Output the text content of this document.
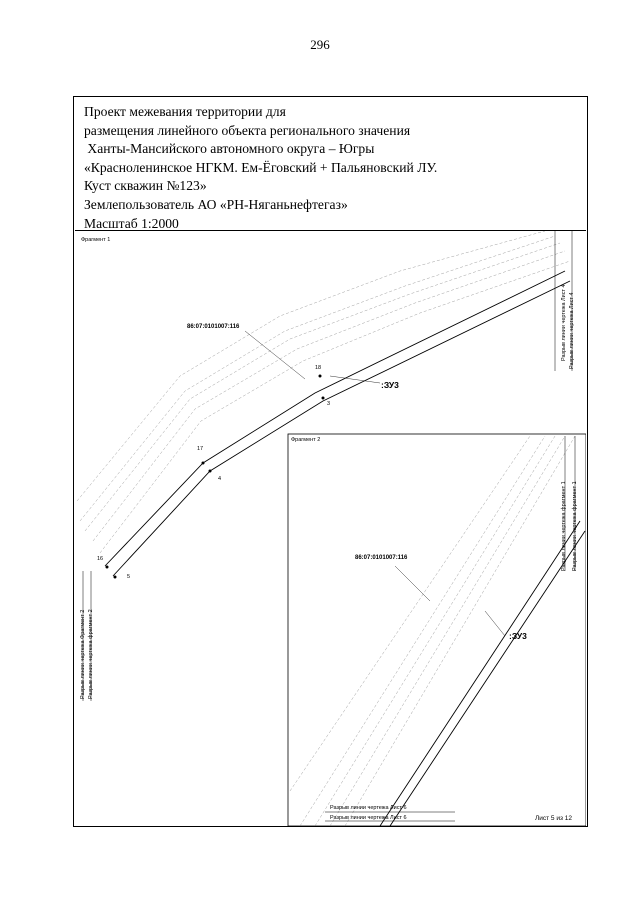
296
Проект межевания территории для
размещения линейного объекта регионального значения
Ханты-Мансийского автономного округа – Югры
«Красноленинское НГКМ. Ем-Ёговский + Пальяновский ЛУ.
Куст скважин №123»
Землепользователь АО «РН-Няганьнефтегаз»
Масштаб 1:2000
Фрагмент 1
86:07:0101007:116
:ЗУ3
18
3
17
4
16
5
Разрыв линии чертежа Лист 4 Разрыв линии чертежа Лист 4
Разрыв линии чертежа Фрагмент 2 Разрыв линии чертежа фрагмент 2
Фрагмент 2
86:07:0101007:116
:ЗУ3
Разрыв линии чертежа фрагмент 1 Разрыв линии чертежа фрагмент 1
Разрыв линии чертежа Лист 6
Разрыв линии чертежа Лист 6	Лист 5 из 12
